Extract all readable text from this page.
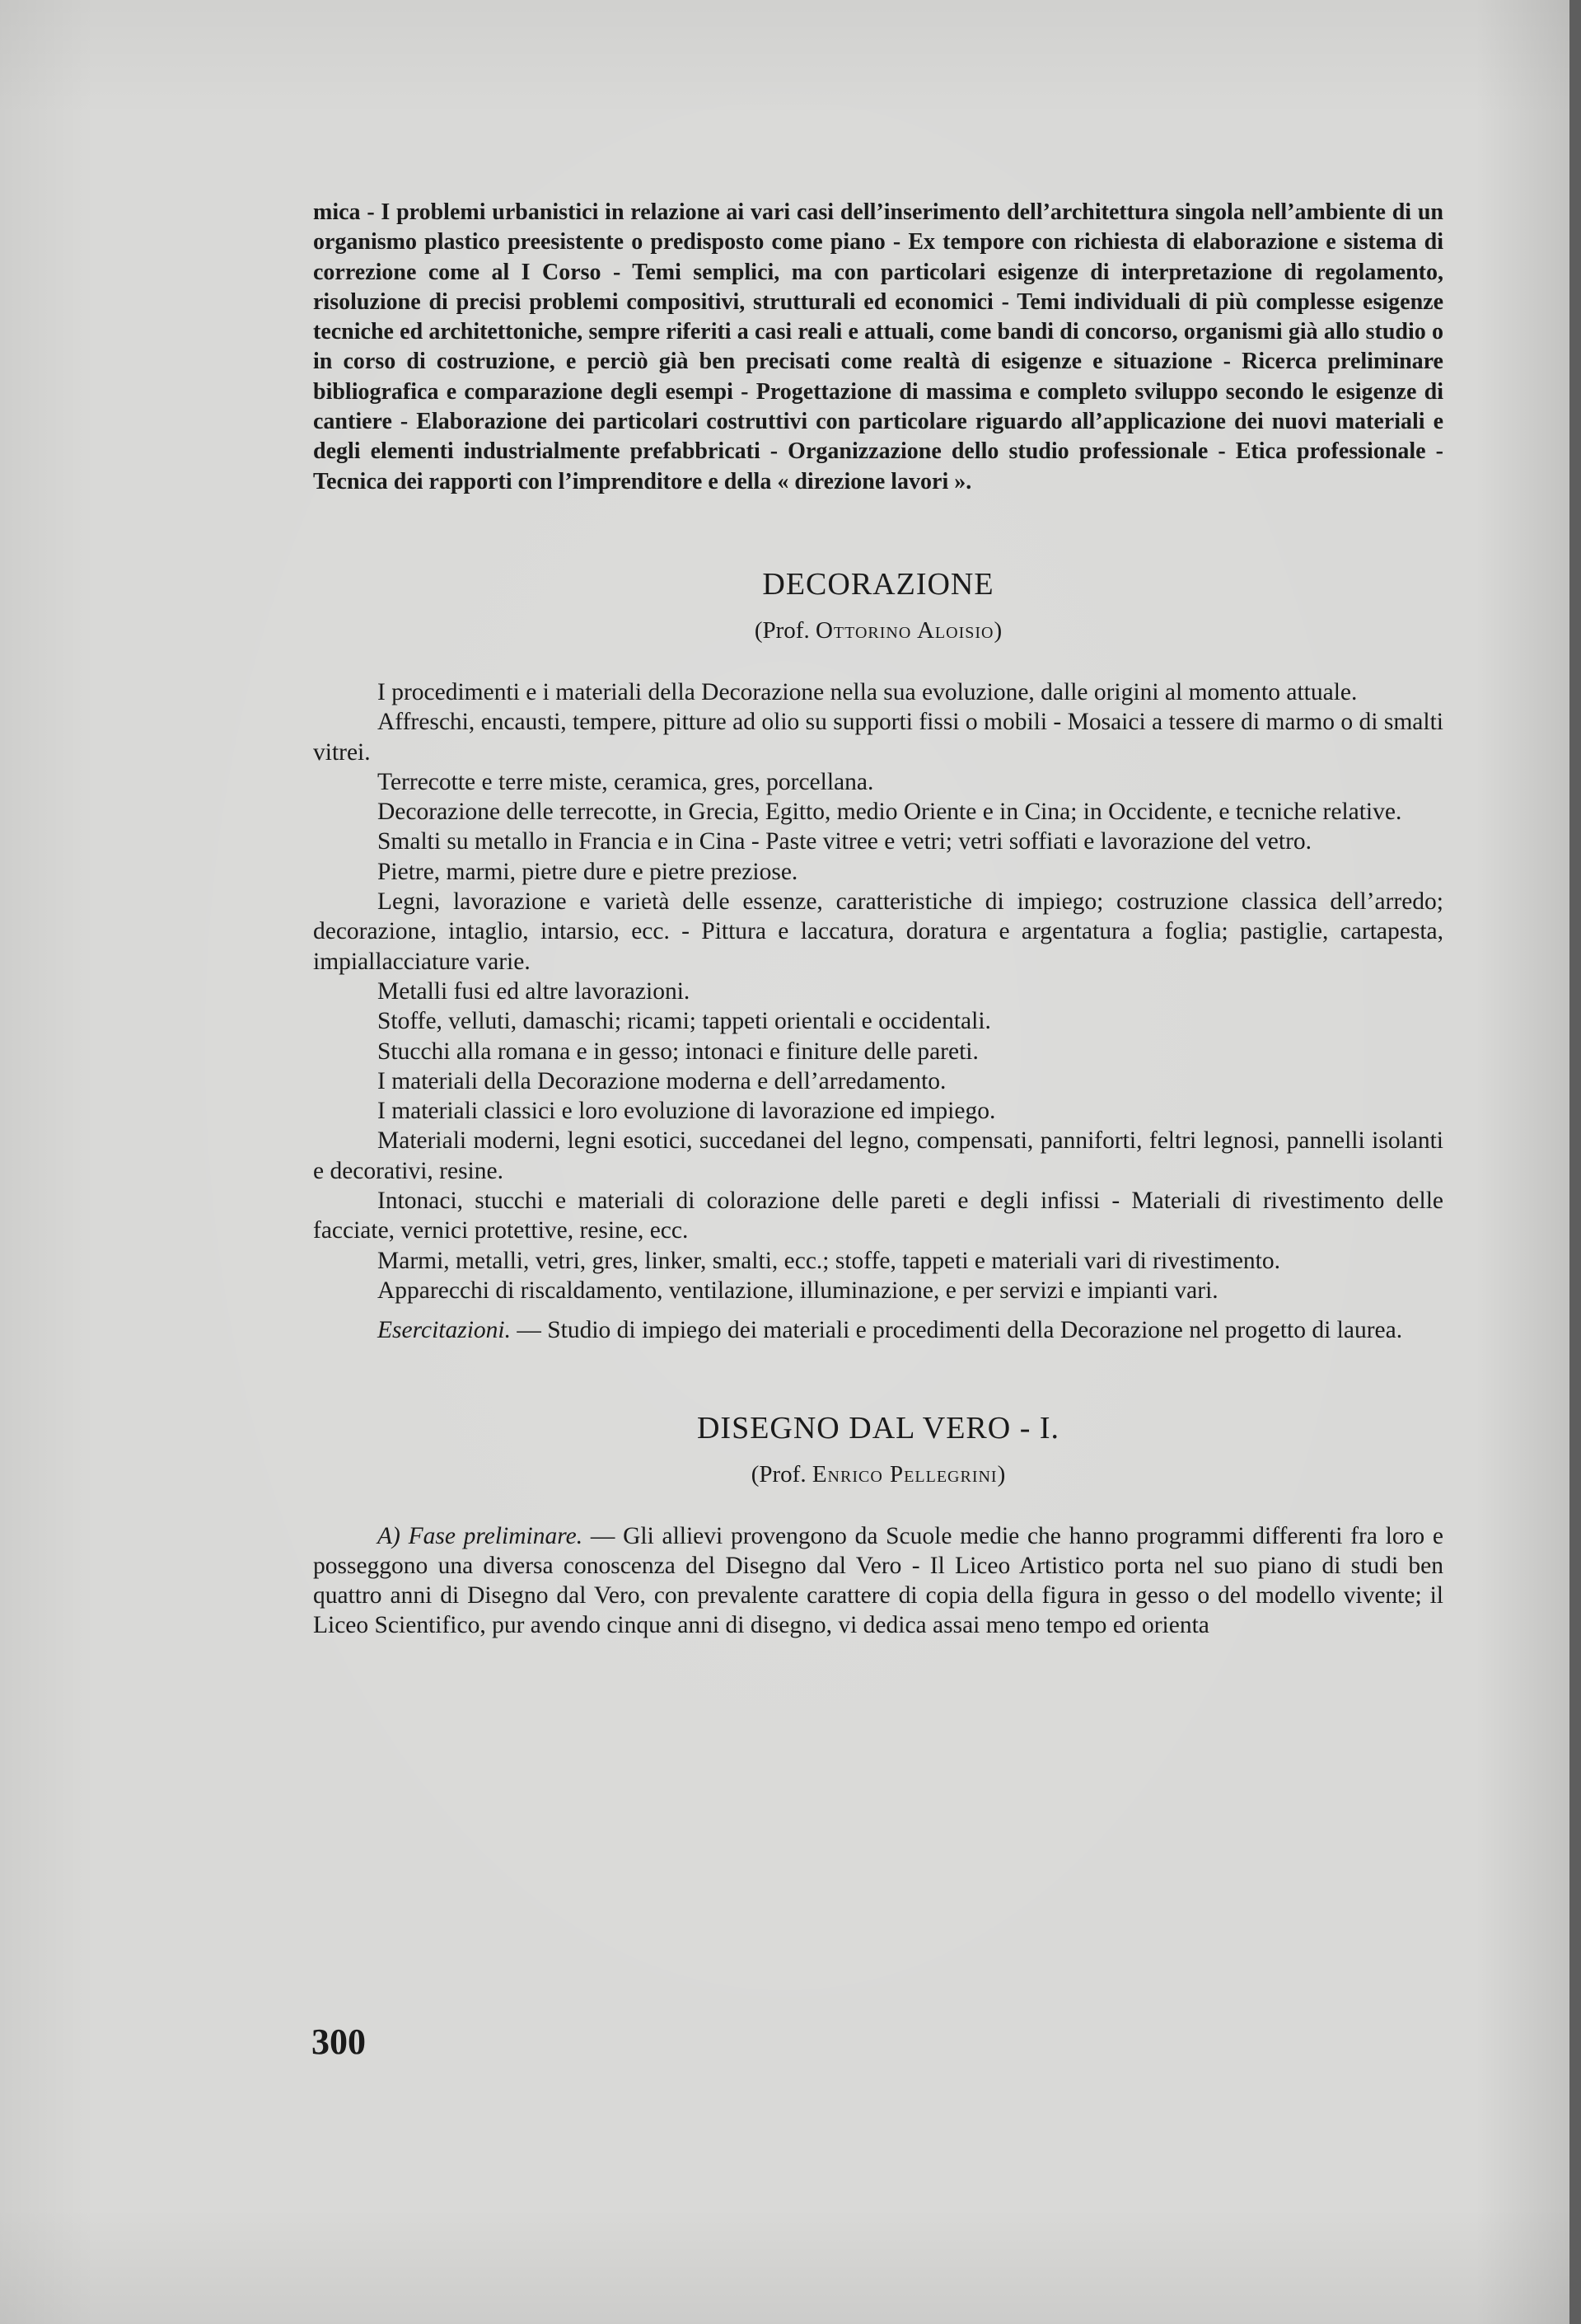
mica - I problemi urbanistici in relazione ai vari casi dell’inserimento dell’architettura singola nell’ambiente di un organismo plastico preesistente o predisposto come piano - Ex tempore con richiesta di elaborazione e sistema di correzione come al I Corso - Temi semplici, ma con particolari esigenze di interpretazione di regolamento, risoluzione di precisi problemi compositivi, strutturali ed economici - Temi individuali di più complesse esigenze tecniche ed architettoniche, sempre riferiti a casi reali e attuali, come bandi di concorso, organismi già allo studio o in corso di costruzione, e perciò già ben precisati come realtà di esigenze e situazione - Ricerca preliminare bibliografica e comparazione degli esempi - Progettazione di massima e completo sviluppo secondo le esigenze di cantiere - Elaborazione dei particolari costruttivi con particolare riguardo all’applicazione dei nuovi materiali e degli elementi industrialmente prefabbricati - Organizzazione dello studio professionale - Etica professionale - Tecnica dei rapporti con l’imprenditore e della « direzione lavori ».

DECORAZIONE

(Prof. Ottorino Aloisio)

I procedimenti e i materiali della Decorazione nella sua evoluzione, dalle origini al momento attuale.

Affreschi, encausti, tempere, pitture ad olio su supporti fissi o mobili - Mosaici a tessere di marmo o di smalti vitrei.

Terrecotte e terre miste, ceramica, gres, porcellana.

Decorazione delle terrecotte, in Grecia, Egitto, medio Oriente e in Cina; in Occidente, e tecniche relative.

Smalti su metallo in Francia e in Cina - Paste vitree e vetri; vetri soffiati e lavorazione del vetro.

Pietre, marmi, pietre dure e pietre preziose.

Legni, lavorazione e varietà delle essenze, caratteristiche di impiego; costruzione classica dell’arredo; decorazione, intaglio, intarsio, ecc. - Pittura e laccatura, doratura e argentatura a foglia; pastiglie, cartapesta, impiallacciature varie.

Metalli fusi ed altre lavorazioni.

Stoffe, velluti, damaschi; ricami; tappeti orientali e occidentali.

Stucchi alla romana e in gesso; intonaci e finiture delle pareti.

I materiali della Decorazione moderna e dell’arredamento.

I materiali classici e loro evoluzione di lavorazione ed impiego.

Materiali moderni, legni esotici, succedanei del legno, compensati, panniforti, feltri legnosi, pannelli isolanti e decorativi, resine.

Intonaci, stucchi e materiali di colorazione delle pareti e degli infissi - Materiali di rivestimento delle facciate, vernici protettive, resine, ecc.

Marmi, metalli, vetri, gres, linker, smalti, ecc.; stoffe, tappeti e materiali vari di rivestimento.

Apparecchi di riscaldamento, ventilazione, illuminazione, e per servizi e impianti vari.

Esercitazioni. — Studio di impiego dei materiali e procedimenti della Decorazione nel progetto di laurea.

DISEGNO DAL VERO - I.

(Prof. Enrico Pellegrini)

A) Fase preliminare. — Gli allievi provengono da Scuole medie che hanno programmi differenti fra loro e posseggono una diversa conoscenza del Disegno dal Vero - Il Liceo Artistico porta nel suo piano di studi ben quattro anni di Disegno dal Vero, con prevalente carattere di copia della figura in gesso o del modello vivente; il Liceo Scientifico, pur avendo cinque anni di disegno, vi dedica assai meno tempo ed orienta

300
